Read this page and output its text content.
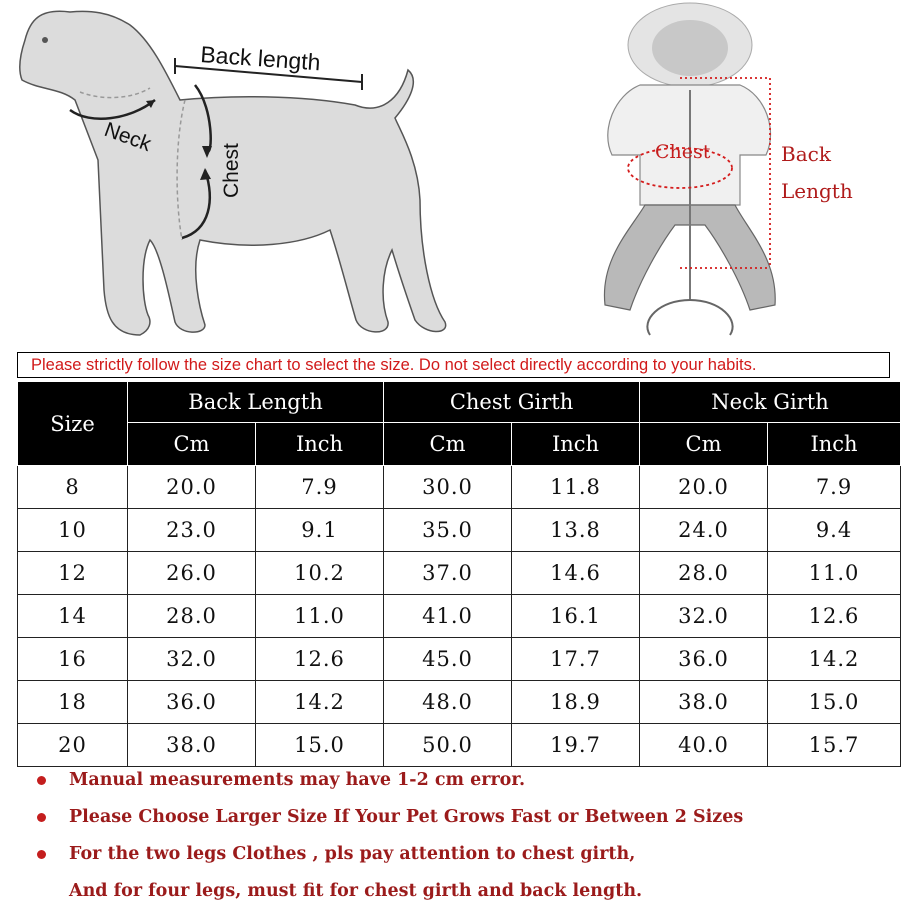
Back length
Neck
Chest	Chest	Back
Length
Please strictly follow the size chart to select the size. Do not select directly according to your habits.
Size	Back Length		Chest Girth		Neck Girth	
	Cm	Inch	Cm	Inch	Cm	Inch
8	20.0	7.9	30.0	11.8	20.0	7.9
10	23.0	9.1	35.0	13.8	24.0	9.4
12	26.0	10.2	37.0	14.6	28.0	11.0
14	28.0	11.0	41.0	16.1	32.0	12.6
16	32.0	12.6	45.0	17.7	36.0	14.2
18	36.0	14.2	48.0	18.9	38.0	15.0
20	38.0	15.0	50.0	19.7	40.0	15.7
Manual measurements may have 1-2 cm error.
Please Choose Larger Size If Your Pet Grows Fast or Between 2 Sizes
For the two legs Clothes , pls pay attention to chest girth,
And for four legs, must fit for chest girth and back length.
